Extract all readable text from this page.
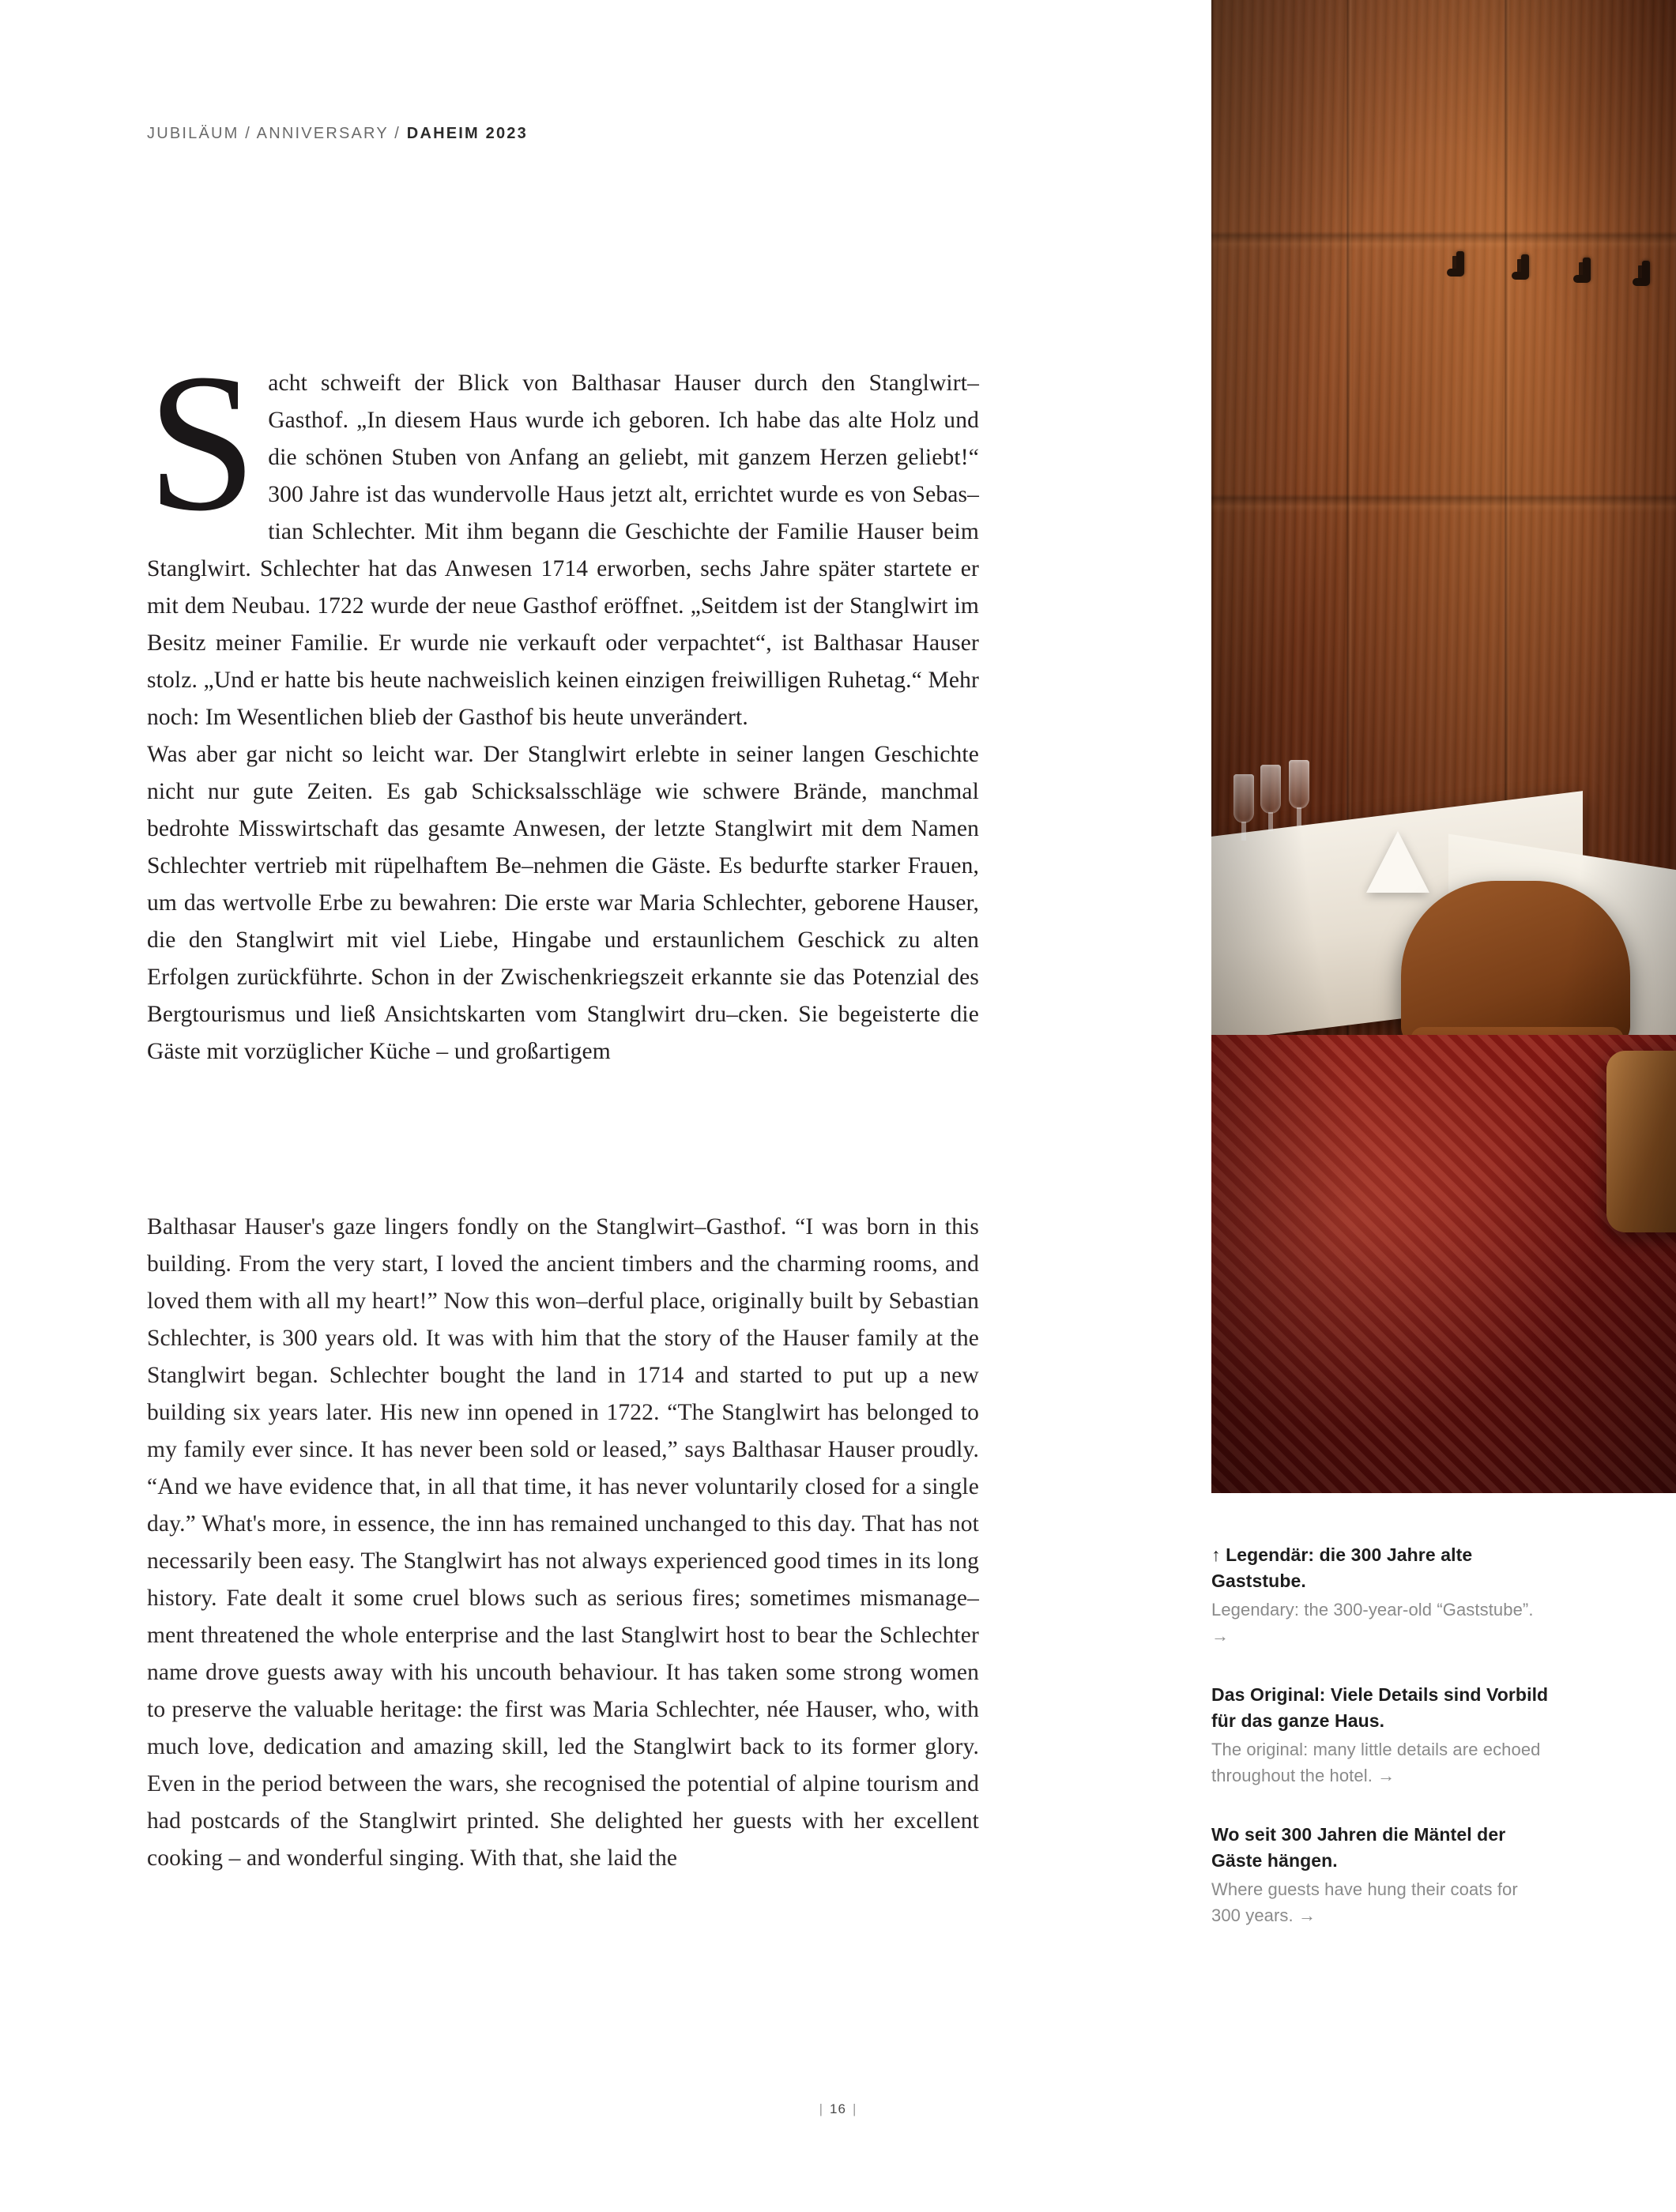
JUBILÄUM / ANNIVERSARY / DAHEIM 2023

Sacht schweift der Blick von Balthasar Hauser durch den Stanglwirt–Gasthof. „In diesem Haus wurde ich geboren. Ich habe das alte Holz und die schönen Stuben von Anfang an geliebt, mit ganzem Herzen geliebt!“ 300 Jahre ist das wundervolle Haus jetzt alt, errichtet wurde es von Sebas–tian Schlechter. Mit ihm begann die Geschichte der Familie Hauser beim Stanglwirt. Schlechter hat das Anwesen 1714 erworben, sechs Jahre später startete er mit dem Neubau. 1722 wurde der neue Gasthof eröffnet. „Seitdem ist der Stanglwirt im Besitz meiner Familie. Er wurde nie verkauft oder verpachtet“, ist Balthasar Hauser stolz. „Und er hatte bis heute nachweislich keinen einzigen freiwilligen Ruhetag.“ Mehr noch: Im Wesentlichen blieb der Gasthof bis heute unverändert.

Was aber gar nicht so leicht war. Der Stanglwirt erlebte in seiner langen Geschichte nicht nur gute Zeiten. Es gab Schicksalsschläge wie schwere Brände, manchmal bedrohte Misswirtschaft das gesamte Anwesen, der letzte Stanglwirt mit dem Namen Schlechter vertrieb mit rüpelhaftem Be–nehmen die Gäste. Es bedurfte starker Frauen, um das wertvolle Erbe zu bewahren: Die erste war Maria Schlechter, geborene Hauser, die den Stanglwirt mit viel Liebe, Hingabe und erstaunlichem Geschick zu alten Erfolgen zurückführte. Schon in der Zwischenkriegszeit erkannte sie das Potenzial des Bergtourismus und ließ Ansichtskarten vom Stanglwirt dru–cken. Sie begeisterte die Gäste mit vorzüglicher Küche – und großartigem

Balthasar Hauser's gaze lingers fondly on the Stanglwirt–Gasthof. “I was born in this building. From the very start, I loved the ancient timbers and the charming rooms, and loved them with all my heart!” Now this won–derful place, originally built by Sebastian Schlechter, is 300 years old. It was with him that the story of the Hauser family at the Stanglwirt began. Schlechter bought the land in 1714 and started to put up a new building six years later. His new inn opened in 1722. “The Stanglwirt has belonged to my family ever since. It has never been sold or leased,” says Balthasar Hauser proudly. “And we have evidence that, in all that time, it has never voluntarily closed for a single day.” What's more, in essence, the inn has remained unchanged to this day. That has not necessarily been easy. The Stanglwirt has not always experienced good times in its long history. Fate dealt it some cruel blows such as serious fires; sometimes mismanage–ment threatened the whole enterprise and the last Stanglwirt host to bear the Schlechter name drove guests away with his uncouth behaviour. It has taken some strong women to preserve the valuable heritage: the first was Maria Schlechter, née Hauser, who, with much love, dedication and amazing skill, led the Stanglwirt back to its former glory. Even in the period between the wars, she recognised the potential of alpine tourism and had postcards of the Stanglwirt printed. She delighted her guests with her excellent cooking – and wonderful singing. With that, she laid the

↑ Legendär: die 300 Jahre alte Gaststube.

Legendary: the 300-year-old “Gaststube”. →

Das Original: Viele Details sind Vorbild für das ganze Haus.

The original: many little details are echoed throughout the hotel. →

Wo seit 300 Jahren die Mäntel der Gäste hängen.

Where guests have hung their coats for 300 years. →

| 16 |
